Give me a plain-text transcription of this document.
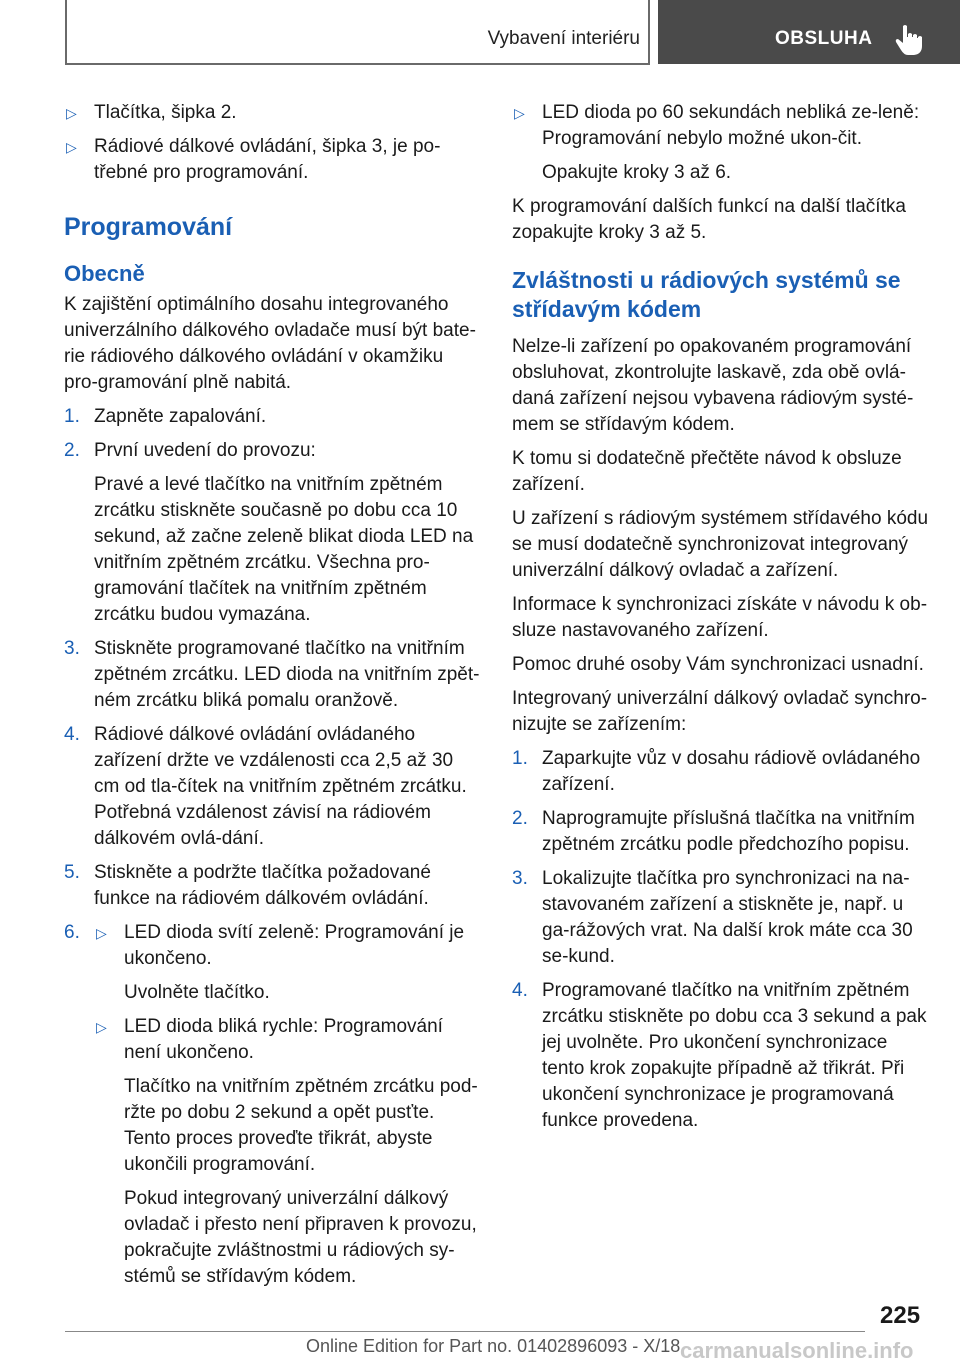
Vybavení interiéru	OBSLUHA
▷ Tlačítka, šipka 2.
▷ Rádiové dálkové ovládání, šipka 3, je po‐třebné pro programování.
Programování
Obecně

K zajištění optimálního dosahu integrovaného univerzálního dálkového ovladače musí být bate‐rie rádiového dálkového ovládání v okamžiku pro‐gramování plně nabitá.

1. Zapněte zapalování.
2. První uvedení do provozu:
Pravé a levé tlačítko na vnitřním zpětném zrcátku stiskněte současně po dobu cca 10 sekund, až začne zeleně blikat dioda LED na vnitřním zpětném zrcátku. Všechna pro‐gramování tlačítek na vnitřním zpětném zrcátku budou vymazána.
3. Stiskněte programované tlačítko na vnitřním zpětném zrcátku. LED dioda na vnitřním zpět‐ném zrcátku bliká pomalu oranžově.
4. Rádiové dálkové ovládání ovládaného zařízení držte ve vzdálenosti cca 2,5 až 30 cm od tla‐čítek na vnitřním zpětném zrcátku. Potřebná vzdálenost závisí na rádiovém dálkovém ovlá‐dání.
5. Stiskněte a podržte tlačítka požadované funkce na rádiovém dálkovém ovládání.
6. ▷ LED dioda svítí zeleně: Programování je ukončeno.
Uvolněte tlačítko.
▷ LED dioda bliká rychle: Programování není ukončeno.
Tlačítko na vnitřním zpětném zrcátku pod‐ržte po dobu 2 sekund a opět pusťte. Tento proces proveďte třikrát, abyste ukončili programování.
Pokud integrovaný univerzální dálkový ovladač i přesto není připraven k provozu, pokračujte zvláštnostmi u rádiových sy‐stémů se střídavým kódem.
▷ LED dioda po 60 sekundách nebliká ze‐leně: Programování nebylo možné ukon‐čit.
Opakujte kroky 3 až 6.

K programování dalších funkcí na další tlačítka zopakujte kroky 3 až 5.

Zvláštnosti u rádiových systémů se střídavým kódem

Nelze-li zařízení po opakovaném programování obsluhovat, zkontrolujte laskavě, zda obě ovlá‐daná zařízení nejsou vybavena rádiovým systé‐mem se střídavým kódem.

K tomu si dodatečně přečtěte návod k obsluze zařízení.

U zařízení s rádiovým systémem střídavého kódu se musí dodatečně synchronizovat integrovaný univerzální dálkový ovladač a zařízení.

Informace k synchronizaci získáte v návodu k ob‐sluze nastavovaného zařízení.

Pomoc druhé osoby Vám synchronizaci usnadní.

Integrovaný univerzální dálkový ovladač synchro‐nizujte se zařízením:

1. Zaparkujte vůz v dosahu rádiově ovládaného zařízení.
2. Naprogramujte příslušná tlačítka na vnitřním zpětném zrcátku podle předchozího popisu.
3. Lokalizujte tlačítka pro synchronizaci na na‐stavovaném zařízení a stiskněte je, např. u ga‐rážových vrat. Na další krok máte cca 30 se‐kund.
4. Programované tlačítko na vnitřním zpětném zrcátku stiskněte po dobu cca 3 sekund a pak jej uvolněte. Pro ukončení synchronizace tento krok zopakujte případně až třikrát. Při ukončení synchronizace je programovaná funkce provedena.
225
Online Edition for Part no. 01402896093 - X/18 carmanualsonline.info
